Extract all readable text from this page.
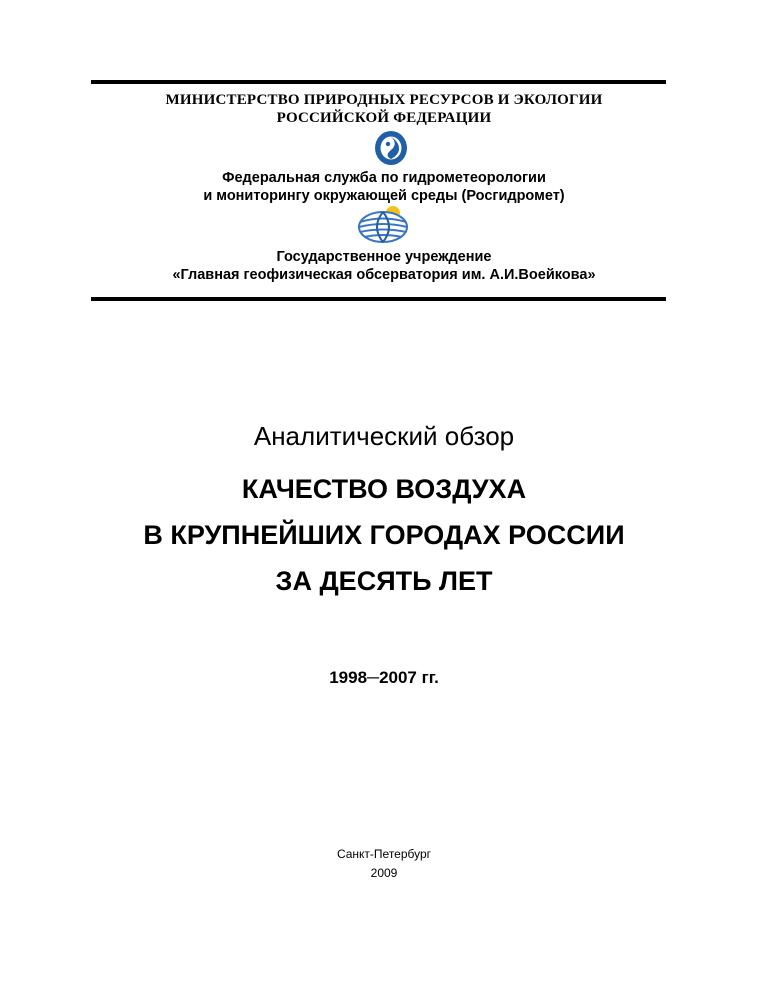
МИНИСТЕРСТВО ПРИРОДНЫХ РЕСУРСОВ И ЭКОЛОГИИ
РОССИЙСКОЙ ФЕДЕРАЦИИ
Федеральная служба по гидрометеорологии
и мониторингу окружающей среды (Росгидромет)
Государственное учреждение
«Главная геофизическая обсерватория им. А.И.Воейкова»
Аналитический обзор
КАЧЕСТВО ВОЗДУХА
В КРУПНЕЙШИХ ГОРОДАХ РОССИИ
ЗА ДЕСЯТЬ ЛЕТ
1998─2007 гг.
Санкт-Петербург
2009
